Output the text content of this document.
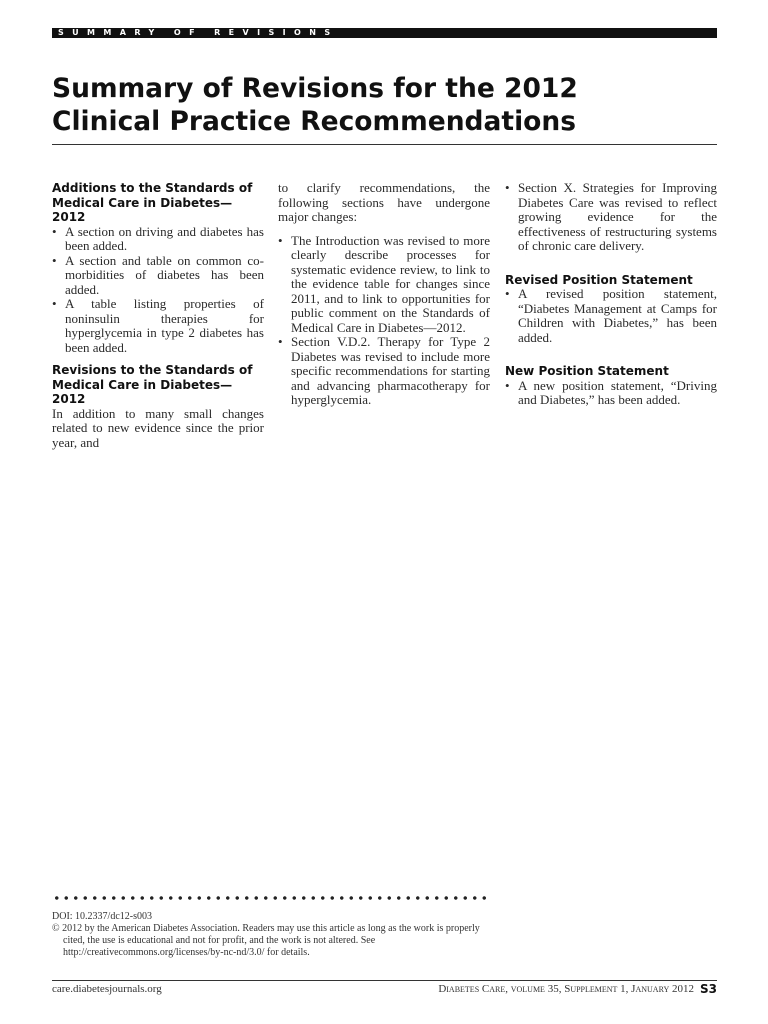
SUMMARY OF REVISIONS
Summary of Revisions for the 2012
Clinical Practice Recommendations
Additions to the Standards of Medical Care in Diabetes—2012
• A section on driving and diabetes has been added.
• A section and table on common co-morbidities of diabetes has been added.
• A table listing properties of noninsulin therapies for hyperglycemia in type 2 diabetes has been added.
Revisions to the Standards of Medical Care in Diabetes—2012

In addition to many small changes related to new evidence since the prior year, and

to clarify recommendations, the following sections have undergone major changes:

• The Introduction was revised to more clearly describe processes for systematic evidence review, to link to the evidence table for changes since 2011, and to link to opportunities for public comment on the Standards of Medical Care in Diabetes—2012.
• Section V.D.2. Therapy for Type 2 Diabetes was revised to include more specific recommendations for starting and advancing pharmacotherapy for hyperglycemia.
• Section X. Strategies for Improving Diabetes Care was revised to reflect growing evidence for the effectiveness of restructuring systems of chronic care delivery.
Revised Position Statement
• A revised position statement, “Diabetes Management at Camps for Children with Diabetes,” has been added.
New Position Statement
• A new position statement, “Driving and Diabetes,” has been added.

DOI: 10.2337/dc12-s003

© 2012 by the American Diabetes Association. Readers may use this article as long as the work is properly cited, the use is educational and not for profit, and the work is not altered. See http://creativecommons.org/licenses/by-nc-nd/3.0/ for details.

care.diabetesjournals.org	Diabetes Care, volume 35, Supplement 1, January 2012 S3
